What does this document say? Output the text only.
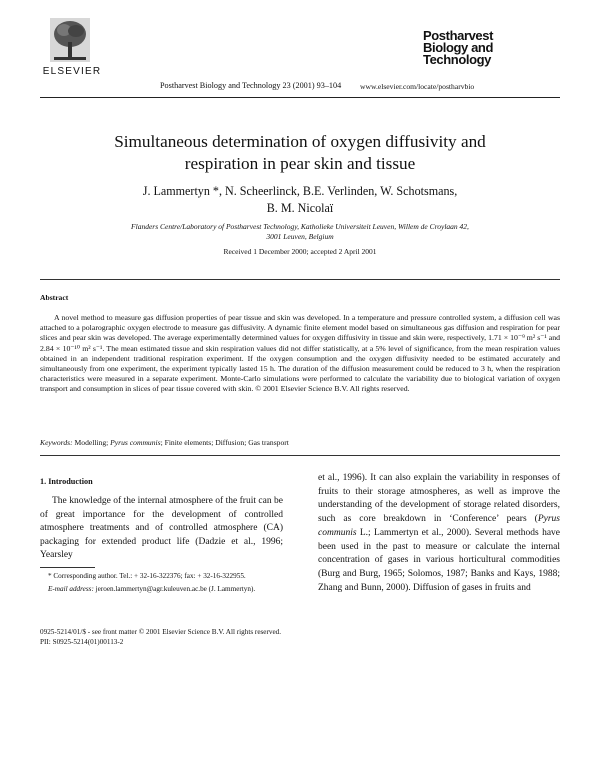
ELSEVIER
Postharvest Biology and Technology 23 (2001) 93–104 www.elsevier.com/locate/postharvbio
Postharvest
Biology and
Technology
Simultaneous determination of oxygen diffusivity and
respiration in pear skin and tissue
J. Lammertyn *, N. Scheerlinck, B.E. Verlinden, W. Schotsmans,
B. M. Nicolaï
Flanders Centre/Laboratory of Postharvest Technology, Katholieke Universiteit Leuven, Willem de Croylaan 42,
3001 Leuven, Belgium
Received 1 December 2000; accepted 2 April 2001
Abstract
A novel method to measure gas diffusion properties of pear tissue and skin was developed. In a temperature and pressure controlled system, a diffusion cell was attached to a polarographic oxygen electrode to measure gas diffusivity. A dynamic finite element model based on simultaneous gas diffusion and respiration for pear slices and pear skin was developed. The average experimentally determined values for oxygen diffusivity in tissue and skin were, respectively, 1.71 × 10⁻⁹ m² s⁻¹ and 2.84 × 10⁻¹⁰ m² s⁻¹. The mean estimated tissue and skin respiration values did not differ statistically, at a 5% level of significance, from the mean respiration values obtained in an independent traditional respiration experiment. If the oxygen consumption and the oxygen diffusivity needed to be estimated accurately and simultaneously from one experiment, the experiment typically lasted 15 h. The duration of the diffusion measurement could be reduced to 3 h, when the respiration characteristics were measured in a separate experiment. Monte-Carlo simulations were performed to calculate the variability due to biological variation of oxygen transport and consumption in slices of pear tissue covered with skin. © 2001 Elsevier Science B.V. All rights reserved.
Keywords: Modelling; Pyrus communis; Finite elements; Diffusion; Gas transport
1. Introduction
The knowledge of the internal atmosphere of the fruit can be of great importance for the development of controlled atmosphere treatments and of controlled atmosphere (CA) packaging for extended product life (Dadzie et al., 1996; Yearsley
et al., 1996). It can also explain the variability in responses of fruits to their storage atmospheres, as well as improve the understanding of the development of storage related disorders, such as core breakdown in ‘Conference’ pears (Pyrus communis L.; Lammertyn et al., 2000). Several methods have been used in the past to measure or calculate the internal concentration of gases in various horticultural commodities (Burg and Burg, 1965; Solomos, 1987; Banks and Kays, 1988; Zhang and Bunn, 2000). Diffusion of gases in fruits and

* Corresponding author. Tel.: + 32-16-322376; fax: + 32-16-322955.

E-mail address: jeroen.lammertyn@agr.kuleuven.ac.be (J. Lammertyn).

0925-5214/01/$ - see front matter © 2001 Elsevier Science B.V. All rights reserved.
PII: S0925-5214(01)00113-2
